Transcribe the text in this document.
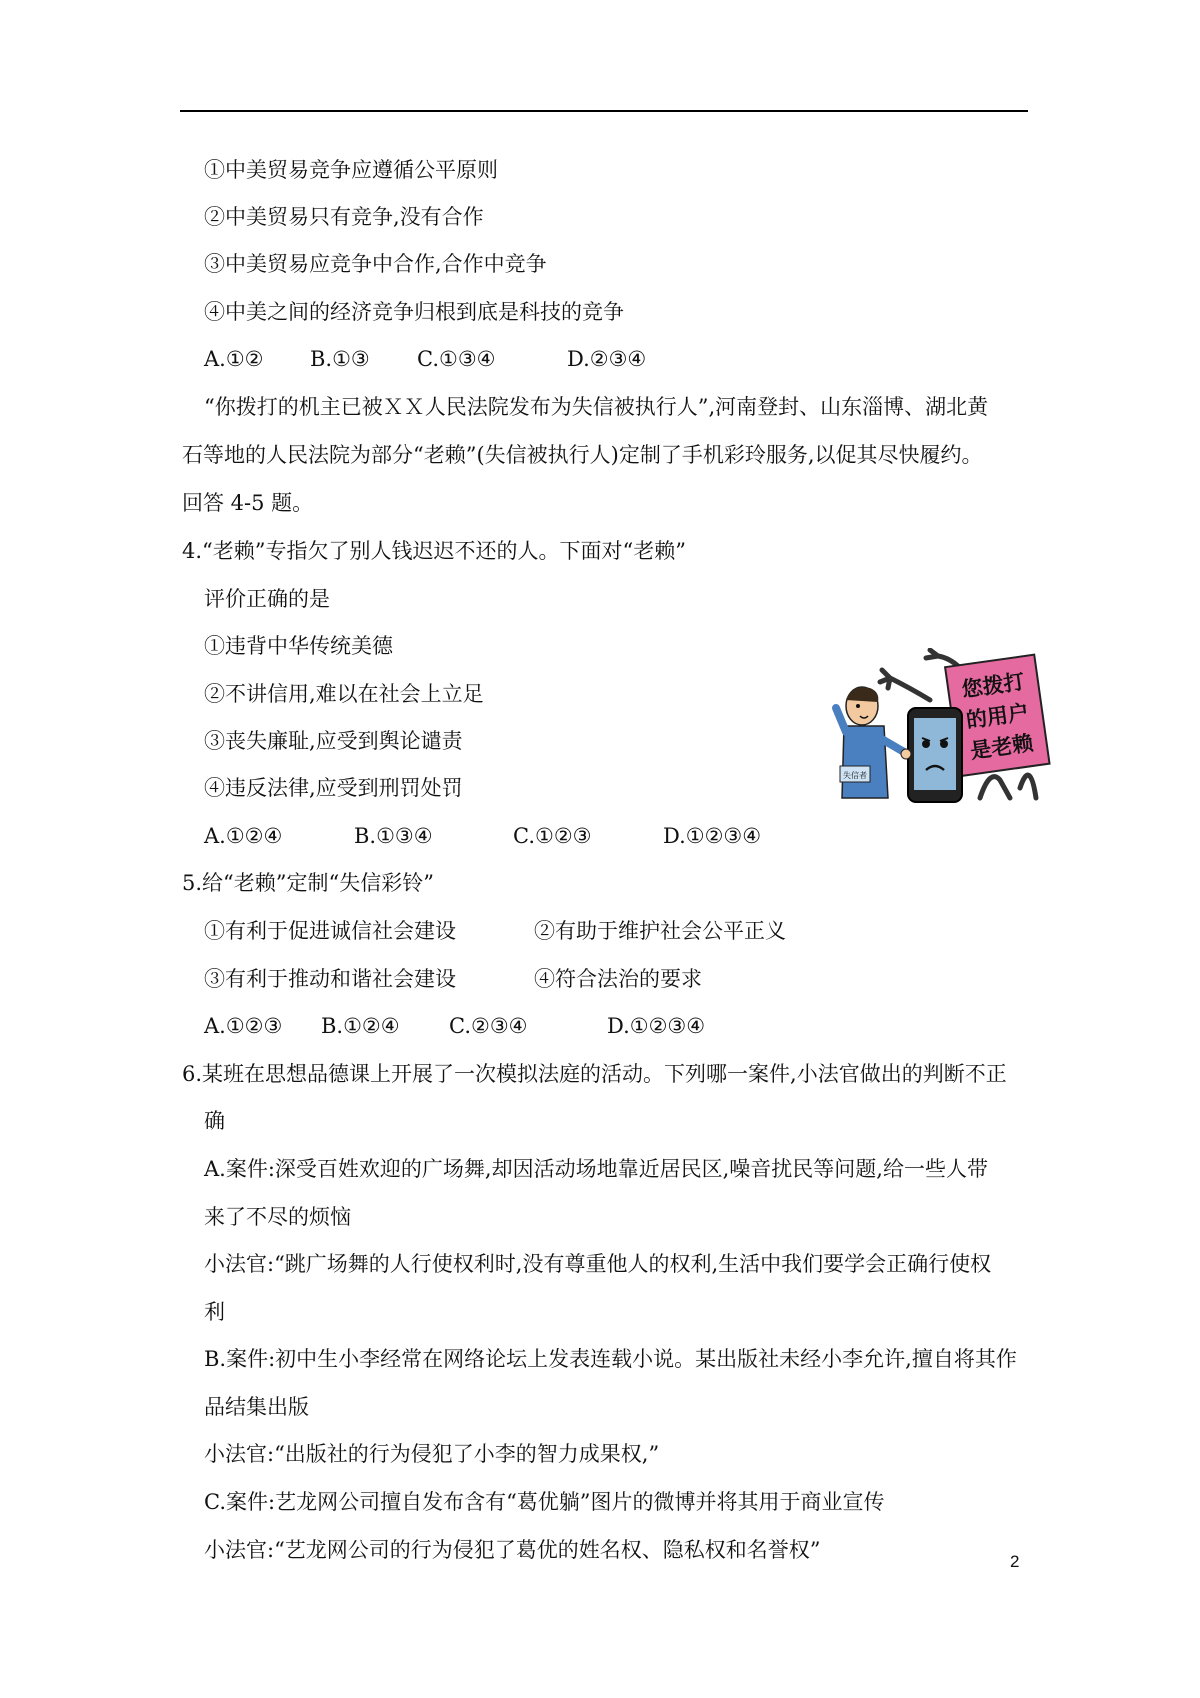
①中美贸易竞争应遵循公平原则
②中美贸易只有竞争,没有合作
③中美贸易应竞争中合作,合作中竞争
④中美之间的经济竞争归根到底是科技的竞争
A.①② B.①③ C.①③④	D.②③④
“你拨打的机主已被ＸＸ人民法院发布为失信被执行人”,河南登封、山东淄博、湖北黄
石等地的人民法院为部分“老赖”(失信被执行人)定制了手机彩玲服务,以促其尽快履约。
回答 4-5 题。
4.“老赖”专指欠了别人钱迟迟不还的人。下面对“老赖”
评价正确的是
①违背中华传统美德
②不讲信用,难以在社会上立足
③丧失廉耻,应受到舆论谴责
④违反法律,应受到刑罚处罚
A.①②④	B.①③④	C.①②③	D.①②③④
您拨打
的用户
是老赖
失信者
5.给“老赖”定制“失信彩铃”
①有利于促进诚信社会建设	②有助于维护社会公平正义
③有利于推动和谐社会建设	④符合法治的要求
A.①②③ B.①②④ C.②③④	D.①②③④
6.某班在思想品德课上开展了一次模拟法庭的活动。下列哪一案件,小法官做出的判断不正
确
A.案件:深受百姓欢迎的广场舞,却因活动场地靠近居民区,噪音扰民等问题,给一些人带
来了不尽的烦恼
小法官:“跳广场舞的人行使权利时,没有尊重他人的权利,生活中我们要学会正确行使权
利
B.案件:初中生小李经常在网络论坛上发表连载小说。某出版社未经小李允许,擅自将其作
品结集出版
小法官:“出版社的行为侵犯了小李的智力成果权,”
C.案件:艺龙网公司擅自发布含有“葛优躺”图片的微博并将其用于商业宣传
小法官:“艺龙网公司的行为侵犯了葛优的姓名权、隐私权和名誉权”	2
